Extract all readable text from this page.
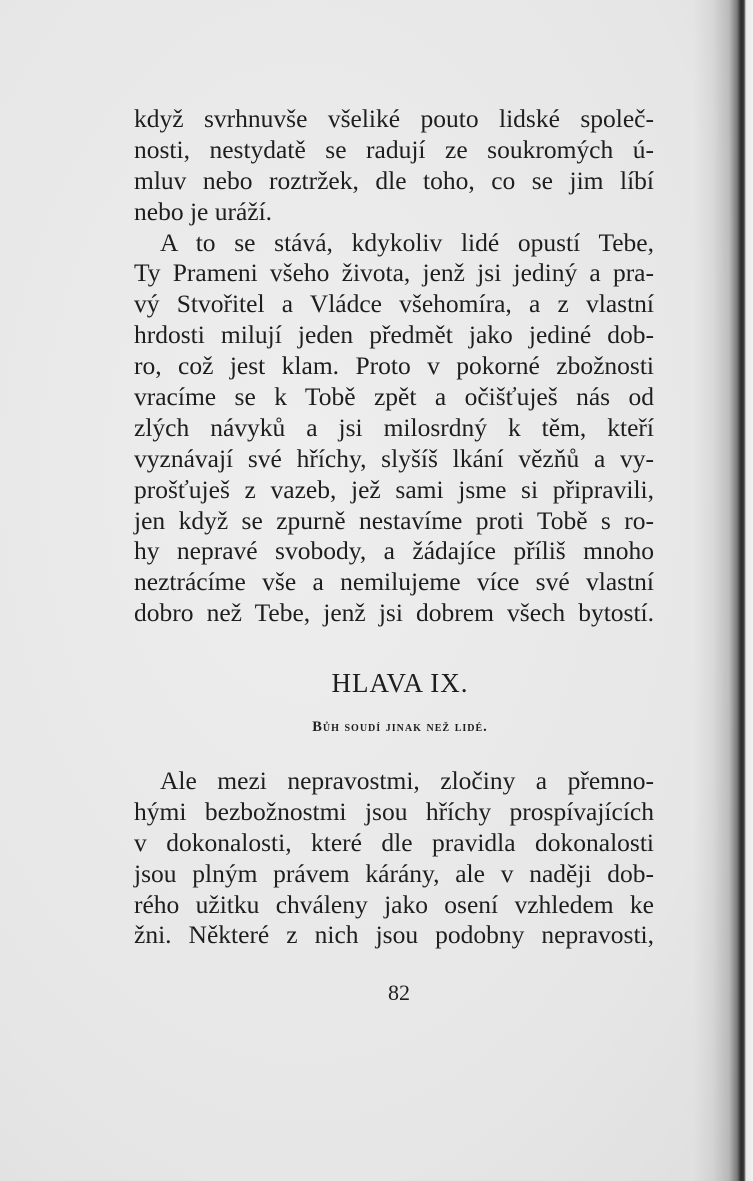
když svrhnuvše všeliké pouto lidské společ-
nosti, nestydatě se radují ze soukromých ú-
mluv nebo roztržek, dle toho, co se jim líbí
nebo je uráží.
A to se stává, kdykoliv lidé opustí Tebe,
Ty Prameni všeho života, jenž jsi jediný a pra-
vý Stvořitel a Vládce všehomíra, a z vlastní
hrdosti milují jeden předmět jako jediné dob-
ro, což jest klam. Proto v pokorné zbožnosti
vracíme se k Tobě zpět a očišťuješ nás od
zlých návyků a jsi milosrdný k těm, kteří
vyznávají své hříchy, slyšíš lkání vězňů a vy-
prošťuješ z vazeb, jež sami jsme si připravili,
jen když se zpurně nestavíme proti Tobě s ro-
hy nepravé svobody, a žádajíce příliš mnoho
neztrácíme vše a nemilujeme více své vlastní
dobro než Tebe, jenž jsi dobrem všech bytostí.
HLAVA IX.
Bůh soudí jinak než lidé.
Ale mezi nepravostmi, zločiny a přemno-
hými bezbožnostmi jsou hříchy prospívajících
v dokonalosti, které dle pravidla dokonalosti
jsou plným právem kárány, ale v naději dob-
rého užitku chváleny jako osení vzhledem ke
žni. Některé z nich jsou podobny nepravosti,
82
